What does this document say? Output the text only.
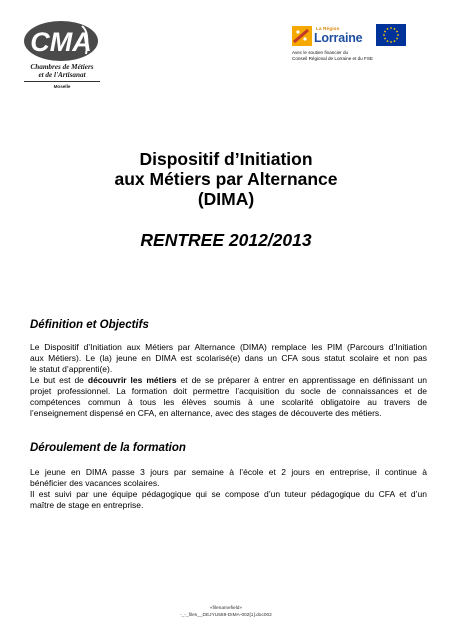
CMA
Chambres de Métiers
et de l'Artisanat
Moselle
La Région
Lorraine
Avec le soutien financier du
Conseil Régional de Lorraine et du FSE
Dispositif d’Initiation
aux Métiers par Alternance
(DIMA)
RENTREE 2012/2013
Définition et Objectifs
Le Dispositif d’Initiation aux Métiers par Alternance (DIMA) remplace les PIM (Parcours d’Initiation
aux Métiers). Le (la) jeune en DIMA est scolarisé(e) dans un CFA sous statut scolaire et non pas
le statut d’apprenti(e).
Le but est de découvrir les métiers et de se préparer à entrer en apprentissage en définissant un
projet professionnel. La formation doit permettre l’acquisition du socle de connaissances et de
compétences commun à tous les élèves soumis à une scolarité obligatoire au travers de
l’enseignement dispensé en CFA, en alternance, avec des stages de découverte des métiers.
Déroulement de la formation
Le jeune en DIMA passe 3 jours par semaine à l’école et 2 jours en entreprise, il continue à
bénéficier des vacances scolaires.
Il est suivi par une équipe pédagogique qui se compose d’un tuteur pédagogique du CFA et d’un
maître de stage en entreprise.
«filenamefield»
-_-_files__DEJYU569-DIMA-002[1].doc002
